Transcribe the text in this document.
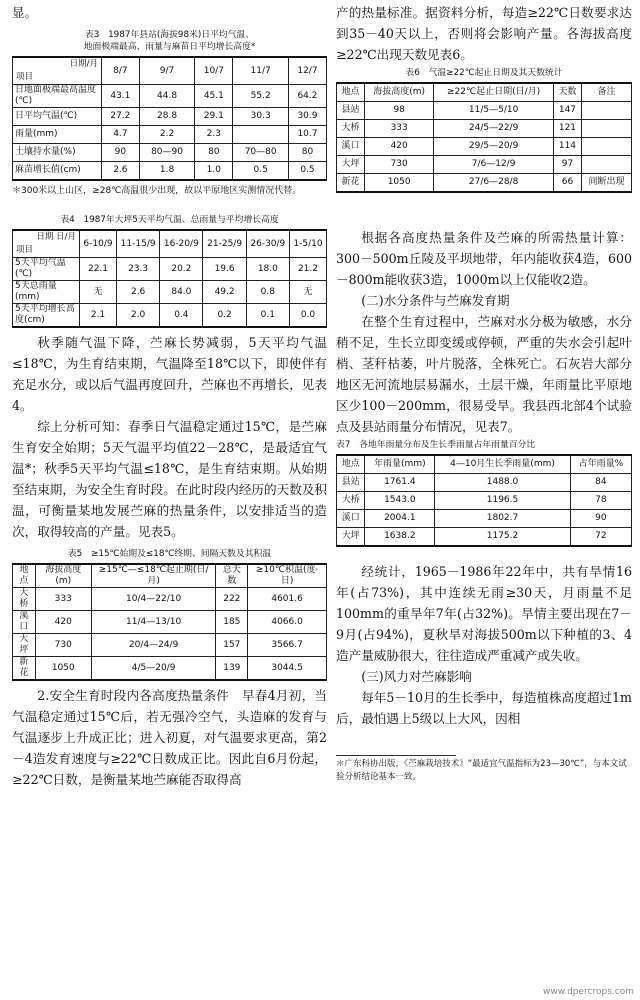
显。

表3　1987年县站(海拔98米)日平均气温、

地面极端最高、雨量与麻苗日平均增长高度*

日期/月
项目	8/7	9/7	10/7	11/7	12/7
日地面极端最高温度(℃)	43.1	44.8	45.1	55.2	64.2
日平均气温(℃)	27.2	28.8	29.1	30.3	30.9
雨量(mm)	4.7	2.2	2.3		10.7
土壤持水量(%)	90	80—90	80	70—80	80
麻苗增长值(cm)	2.6	1.8	1.0	0.5	0.5

＊300米以上山区，≥28℃高温很少出现，故以平原地区实测情况代替。

表4　1987年大坪5天平均气温、总雨量与平均增长高度

日期 日/月
项目	6-10/9	11-15/9	16-20/9	21-25/9	26-30/9	1-5/10
5天平均气温(℃)	22.1	23.3	20.2	19.6	18.0	21.2
5天总雨量(mm)	无	2.6	84.0	49.2	0.8	无
5天平均增长高度(cm)	2.1	2.0	0.4	0.2	0.1	0.0

秋季随气温下降，苎麻长势减弱，5天平均气温≤18℃，为生育结束期，气温降至18℃以下，即使伴有充足水分，或以后气温再度回升，苎麻也不再增长，见表4。

综上分析可知：春季日气温稳定通过15℃，是苎麻生育安全始期；5天气温平均值22－28℃，是最适宜气温*；秋季5天平均气温≤18℃，是生育结束期。从始期至结束期，为安全生育时段。在此时段内经历的天数及积温，可衡量某地发展苎麻的热量条件，以安排适当的造次，取得较高的产量。见表5。

表5　≥15℃始期及≤18℃终期、间隔天数及其积温

地点	海拔高度(m)	≥15℃—≤18℃起止期(日/月)	总天数	≥10℃积温(度·日)
大桥	333	10/4—22/10	222	4601.6
溪口	420	11/4—13/10	185	4066.0
大坪	730	20/4—24/9	157	3566.7
新花	1050	4/5—20/9	139	3044.5

2.安全生育时段内各高度热量条件　早春4月初，当气温稳定通过15℃后，若无强冷空气，头造麻的发育与气温逐步上升成正比；进入初夏，对气温要求更高，第2－4造发育速度与≥22℃日数成正比。因此自6月份起，≥22℃日数，是衡量某地苎麻能否取得高

产的热量标准。据资料分析，每造≥22℃日数要求达到35－40天以上，否则将会影响产量。各海拔高度≥22℃出现天数见表6。

表6　气温≥22℃起止日期及其天数统计

地点	海拔高度(m)	≥22℃起止日期(日/月)	天数	备注
县站	98	11/5—5/10	147	
大桥	333	24/5—22/9	121	
溪口	420	29/5—20/9	114	
大坪	730	7/6—12/9	97	
新花	1050	27/6—28/8	66	间断出现

根据各高度热量条件及苎麻的所需热量计算：300－500m丘陵及平坝地带，年内能收获4造，600－800m能收获3造，1000m以上仅能收2造。

(二)水分条件与苎麻发育期

在整个生育过程中，苎麻对水分极为敏感，水分稍不足，生长立即变缓或停顿，严重的失水会引起叶梢、茎秆枯萎，叶片脱落，全株死亡。石灰岩大部分地区无河流地层易漏水，土层干燥，年雨量比平原地区少100－200mm，很易受旱。我县西北部4个试验点及县站雨量分布情况，见表7。

表7　各地年雨量分布及生长季雨量占年雨量百分比

地点	年雨量(mm)	4—10月生长季雨量(mm)	占年雨量%
县站	1761.4	1488.0	84
大桥	1543.0	1196.5	78
溪口	2004.1	1802.7	90
大坪	1638.2	1175.2	72

经统计，1965－1986年22年中，共有旱情16年(占73%)，其中连续无雨≥30天，月雨量不足100mm的重旱年7年(占32%)。旱情主要出现在7－9月(占94%)，夏秋旱对海拔500m以下种植的3、4造产量威胁很大，往往造成严重减产或失收。

(三)风力对苎麻影响

每年5－10月的生长季中，每造植株高度超过1m后，最怕遇上5级以上大风，因相

＊广东科协出版，《苎麻栽培技术》“最适宜气温指标为23—30℃”，与本文试验分析结论基本一致。

www.dpercrops.com
